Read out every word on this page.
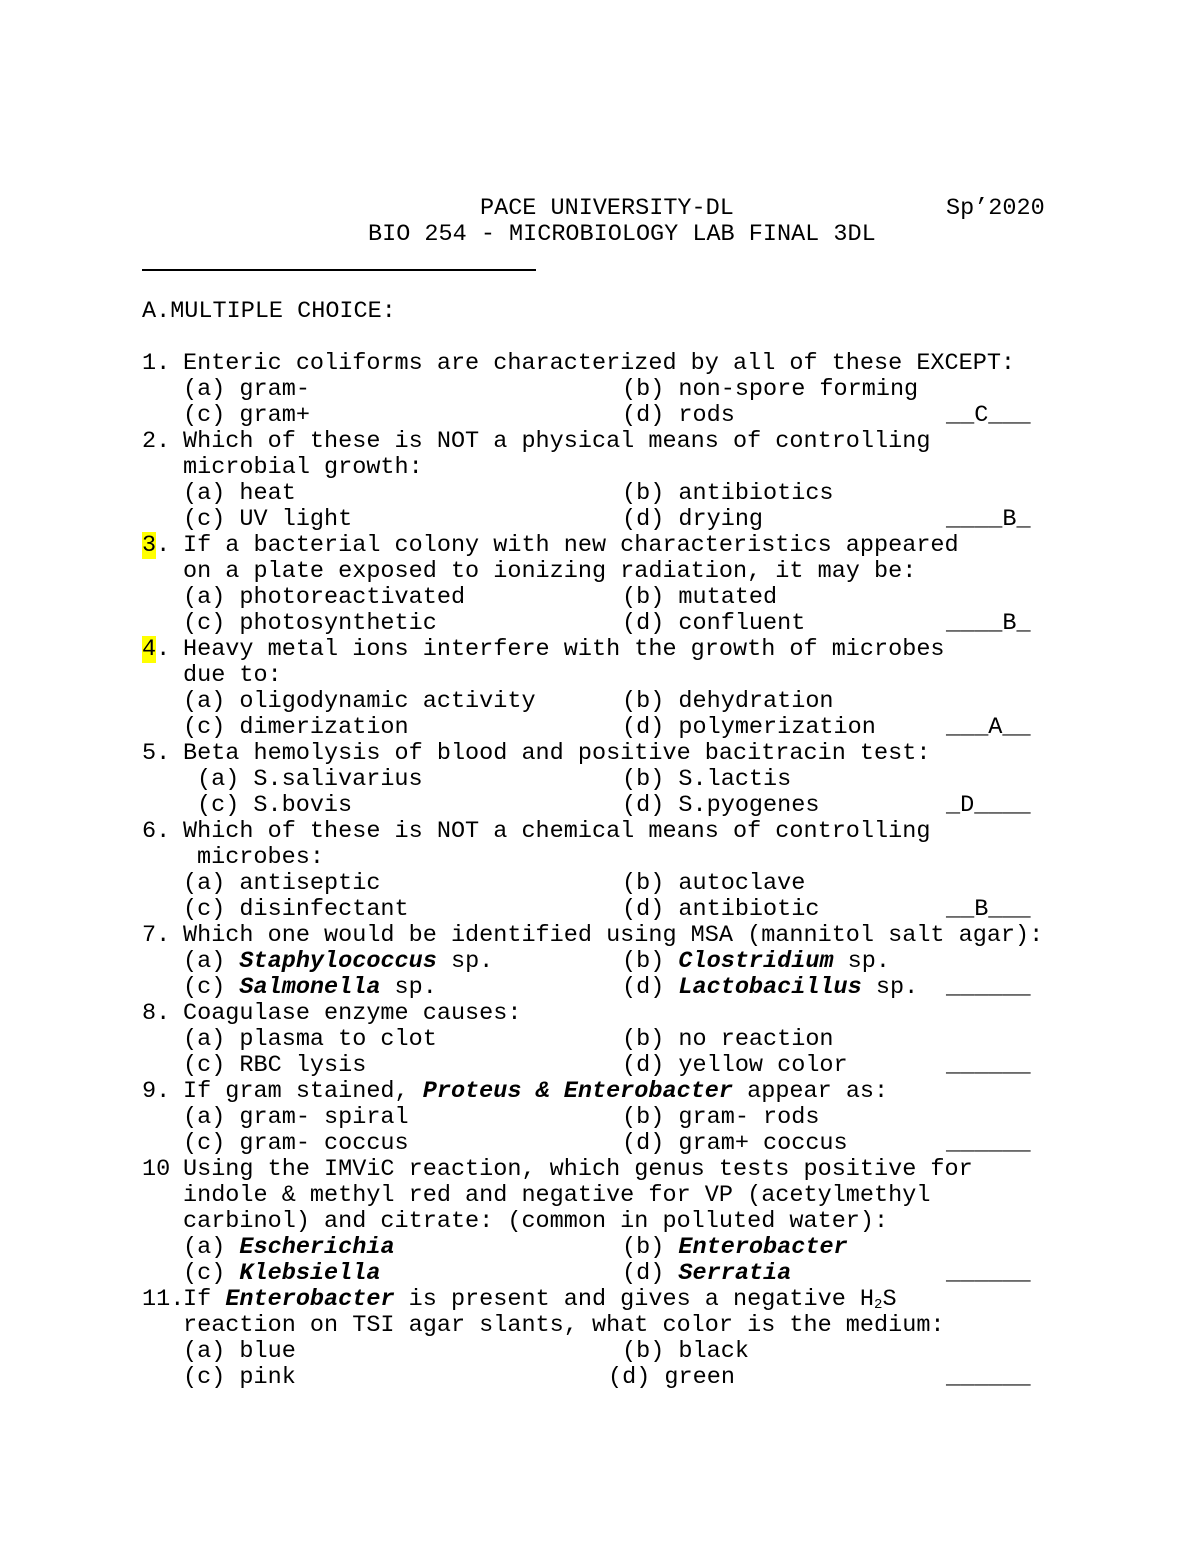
PACE UNIVERSITY-DL	Sp’2020
BIO 254 - MICROBIOLOGY LAB FINAL 3DL
A.MULTIPLE CHOICE:
1. Enteric coliforms are characterized by all of these EXCEPT:
(a) gram-	(b) non-spore forming
(c) gram+	(d) rods	__C___
2. Which of these is NOT a physical means of controlling
microbial growth:
(a) heat	(b) antibiotics
(c) UV light	(d) drying	____B_
3. If a bacterial colony with new characteristics appeared
on a plate exposed to ionizing radiation, it may be:
(a) photoreactivated	(b) mutated
(c) photosynthetic	(d) confluent	____B_
4. Heavy metal ions interfere with the growth of microbes
due to:
(a) oligodynamic activity	(b) dehydration
(c) dimerization	(d) polymerization	___A__
5. Beta hemolysis of blood and positive bacitracin test:
(a) S.salivarius	(b) S.lactis
(c) S.bovis	(d) S.pyogenes	_D____
6. Which of these is NOT a chemical means of controlling
microbes:
(a) antiseptic	(b) autoclave
(c) disinfectant	(d) antibiotic	__B___
7. Which one would be identified using MSA (mannitol salt agar):
(a) Staphylococcus sp.	(b) Clostridium sp.
(c) Salmonella sp.	(d) Lactobacillus sp. ______
8. Coagulase enzyme causes:
(a) plasma to clot	(b) no reaction
(c) RBC lysis	(d) yellow color	______
9. If gram stained, Proteus & Enterobacter appear as:
(a) gram- spiral	(b) gram- rods
(c) gram- coccus	(d) gram+ coccus	______
10 Using the IMViC reaction, which genus tests positive for
indole & methyl red and negative for VP (acetylmethyl
carbinol) and citrate: (common in polluted water):
(a) Escherichia	(b) Enterobacter
(c) Klebsiella	(d) Serratia	______
11.
If Enterobacter is present and gives a negative $H_2S$
reaction on TSI agar slants, what color is the medium:
(a) blue	(b) black
(c) pink	(d) green	______
